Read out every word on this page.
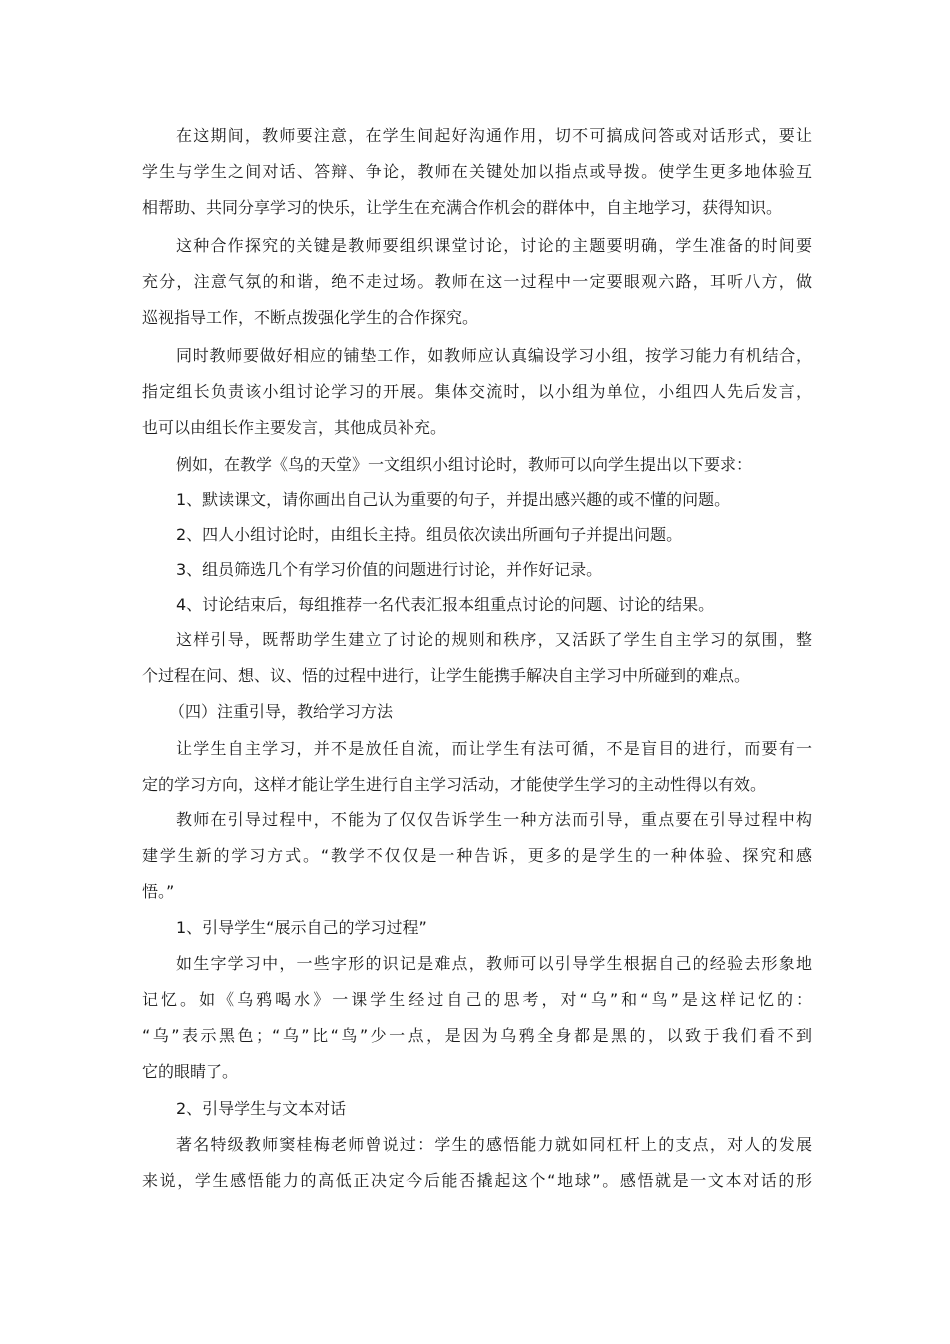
在这期间，教师要注意，在学生间起好沟通作用，切不可搞成问答或对话形式，要让
学生与学生之间对话、答辩、争论，教师在关键处加以指点或导拨。使学生更多地体验互
相帮助、共同分享学习的快乐，让学生在充满合作机会的群体中，自主地学习，获得知识。
这种合作探究的关键是教师要组织课堂讨论，讨论的主题要明确，学生准备的时间要
充分，注意气氛的和谐，绝不走过场。教师在这一过程中一定要眼观六路，耳听八方，做
巡视指导工作，不断点拨强化学生的合作探究。
同时教师要做好相应的铺垫工作，如教师应认真编设学习小组，按学习能力有机结合，
指定组长负责该小组讨论学习的开展。集体交流时，以小组为单位，小组四人先后发言，
也可以由组长作主要发言，其他成员补充。
例如，在教学《鸟的天堂》一文组织小组讨论时，教师可以向学生提出以下要求：
1、默读课文，请你画出自己认为重要的句子，并提出感兴趣的或不懂的问题。
2、四人小组讨论时，由组长主持。组员依次读出所画句子并提出问题。
3、组员筛选几个有学习价值的问题进行讨论，并作好记录。
4、讨论结束后，每组推荐一名代表汇报本组重点讨论的问题、讨论的结果。
这样引导，既帮助学生建立了讨论的规则和秩序，又活跃了学生自主学习的氛围，整
个过程在问、想、议、悟的过程中进行，让学生能携手解决自主学习中所碰到的难点。
（四）注重引导，教给学习方法
让学生自主学习，并不是放任自流，而让学生有法可循，不是盲目的进行，而要有一
定的学习方向，这样才能让学生进行自主学习活动，才能使学生学习的主动性得以有效。
教师在引导过程中，不能为了仅仅告诉学生一种方法而引导，重点要在引导过程中构
建学生新的学习方式。“教学不仅仅是一种告诉，更多的是学生的一种体验、探究和感
悟。”
1、引导学生“展示自己的学习过程”
如生字学习中，一些字形的识记是难点，教师可以引导学生根据自己的经验去形象地
记忆。如《乌鸦喝水》一课学生经过自己的思考，对“乌”和“鸟”是这样记忆的：
“乌”表示黑色；“乌”比“鸟”少一点，是因为乌鸦全身都是黑的，以致于我们看不到
它的眼睛了。
2、引导学生与文本对话
著名特级教师窦桂梅老师曾说过：学生的感悟能力就如同杠杆上的支点，对人的发展
来说，学生感悟能力的高低正决定今后能否撬起这个“地球”。感悟就是一文本对话的形
